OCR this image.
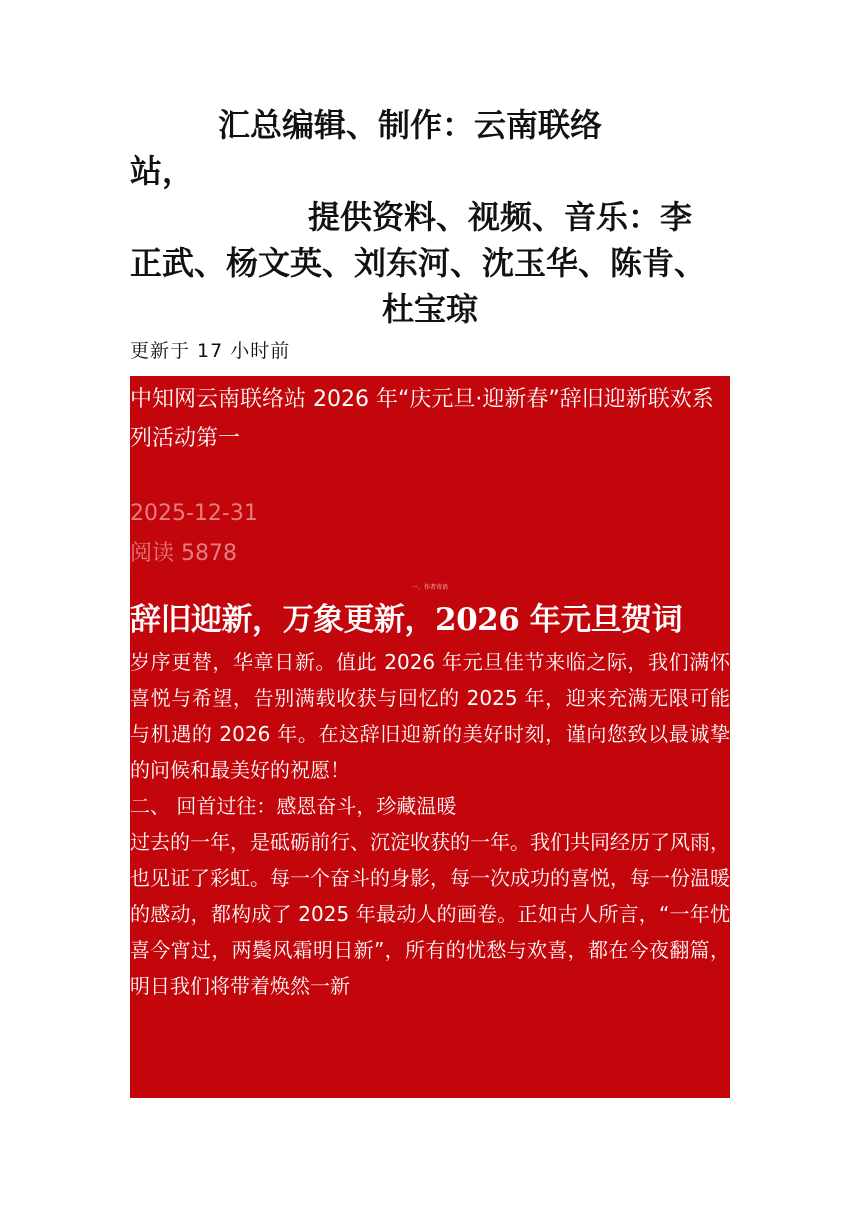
汇总编辑、制作：云南联络
站，
提供资料、视频、音乐：李
正武、杨文英、刘东河、沈玉华、陈肯、
杜宝琼
更新于 17 小时前
中知网云南联络站 2026 年“庆元旦·迎新春”辞旧迎新联欢系列活动第一
2025-12-31
阅读 5878
一、作者寄语
辞旧迎新，万象更新，2026 年元旦贺词

岁序更替，华章日新。值此 2026 年元旦佳节来临之际，我们满怀喜悦与希望，告别满载收获与回忆的 2025 年，迎来充满无限可能与机遇的 2026 年。在这辞旧迎新的美好时刻，谨向您致以最诚挚的问候和最美好的祝愿！

二、 回首过往：感恩奋斗，珍藏温暖

过去的一年，是砥砺前行、沉淀收获的一年。我们共同经历了风雨，也见证了彩虹。每一个奋斗的身影，每一次成功的喜悦，每一份温暖的感动，都构成了 2025 年最动人的画卷。正如古人所言，“一年忧喜今宵过，两鬓风霜明日新”，所有的忧愁与欢喜，都在今夜翻篇，明日我们将带着焕然一新
